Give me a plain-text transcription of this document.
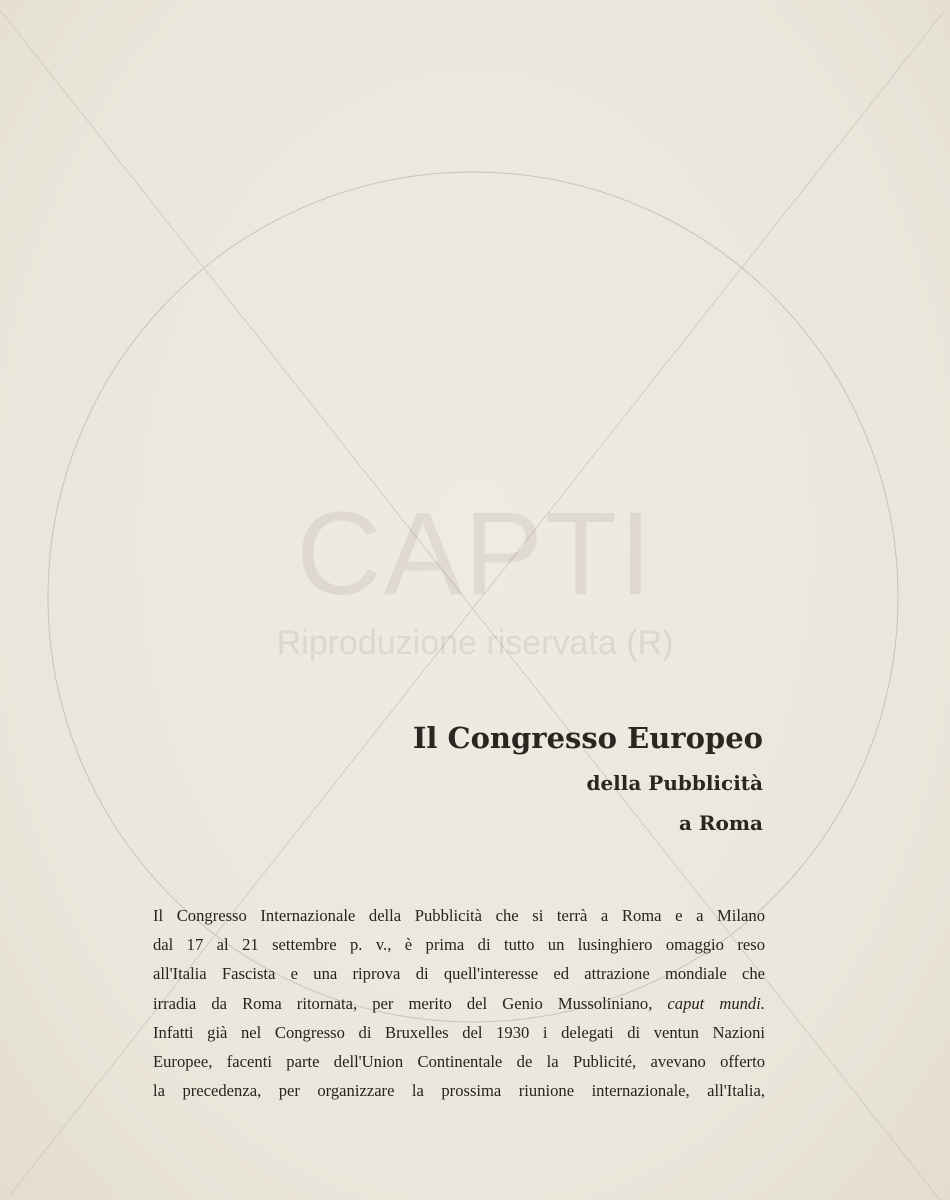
CAPTI
Riproduzione riservata (R)
Il Congresso Europeo
della Pubblicità
a Roma
Il Congresso Internazionale della Pubblicità che si terrà a Roma e a Milano
dal 17 al 21 settembre p. v., è prima di tutto un lusinghiero omaggio reso
all'Italia Fascista e una riprova di quell'interesse ed attrazione mondiale che
irradia da Roma ritornata, per merito del Genio Mussoliniano, caput mundi.
Infatti già nel Congresso di Bruxelles del 1930 i delegati di ventun Nazioni
Europee, facenti parte dell'Union Continentale de la Publicité, avevano offerto
la precedenza, per organizzare la prossima riunione internazionale, all'Italia,
